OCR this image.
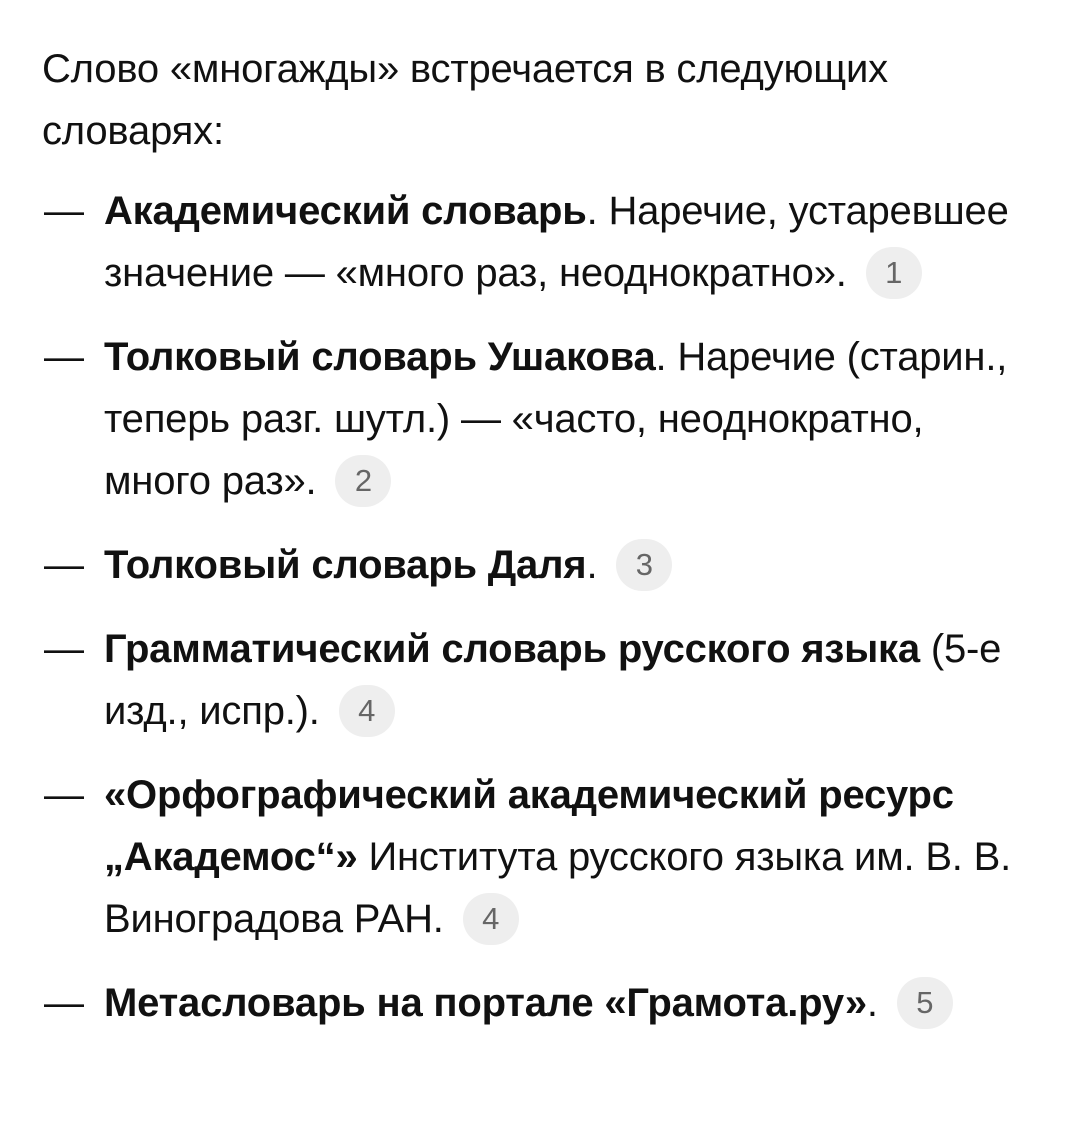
Слово «многажды» встречается в следующих словарях:

— Академический словарь. Наречие, устаревшее значение — «много раз, неоднократно». 1
— Толковый словарь Ушакова. Наречие (старин., теперь разг. шутл.) — «часто, неоднократно, много раз». 2
— Толковый словарь Даля. 3
— Грамматический словарь русского языка (5-е изд., испр.). 4
— «Орфографический академический ресурс „Академос“» Института русского языка им. В. В. Виноградова РАН. 4
— Метасловарь на портале «Грамота.ру». 5
